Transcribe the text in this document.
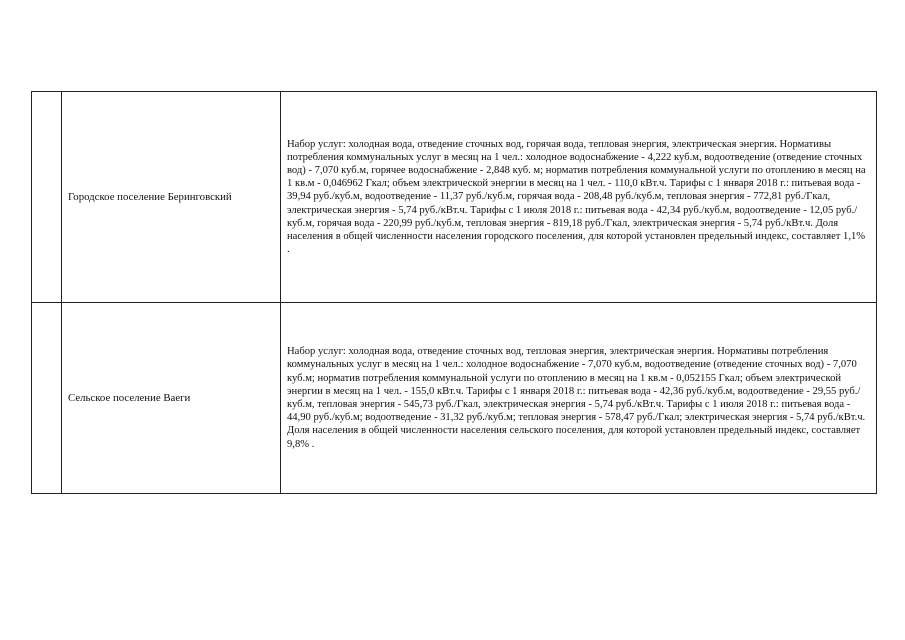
	Городское поселение Беринговский	Набор услуг: холодная вода, отведение сточных вод, горячая вода, тепловая энергия, электрическая энергия. Нормативы потребления коммунальных услуг в месяц на 1 чел.: холодное водоснабжение - 4,222 куб.м, водоотведение (отведение сточных вод) - 7,070 куб.м, горячее водоснабжение - 2,848 куб. м; норматив потребления коммунальной услуги по отоплению в месяц на 1 кв.м - 0,046962 Гкал; объем электрической энергии в месяц на 1 чел. - 110,0 кВт.ч. Тарифы с 1 января 2018 г.: питьевая вода - 39,94 руб./куб.м, водоотведение - 11,37 руб./куб.м, горячая вода - 208,48 руб./куб.м, тепловая энергия - 772,81 руб./Гкал, электрическая энергия - 5,74 руб./кВт.ч. Тарифы с 1 июля 2018 г.: питьевая вода - 42,34 руб./куб.м, водоотведение - 12,05 руб./куб.м, горячая вода - 220,99 руб./куб.м, тепловая энергия - 819,18 руб./Гкал, электрическая энергия - 5,74 руб./кВт.ч. Доля населения в общей численности населения городского поселения, для которой установлен предельный индекс, составляет 1,1% .
	Сельское поселение Ваеги	Набор услуг: холодная вода, отведение сточных вод, тепловая энергия, электрическая энергия. Нормативы потребления коммунальных услуг в месяц на 1 чел.: холодное водоснабжение - 7,070 куб.м, водоотведение (отведение сточных вод) - 7,070 куб.м; норматив потребления коммунальной услуги по отоплению в месяц на 1 кв.м - 0,052155 Гкал; объем электрической энергии в месяц на 1 чел. - 155,0 кВт.ч. Тарифы с 1 января 2018 г.: питьевая вода - 42,36 руб./куб.м, водоотведение - 29,55 руб./куб.м, тепловая энергия - 545,73 руб./Гкал, электрическая энергия - 5,74 руб./кВт.ч. Тарифы с 1 июля 2018 г.: питьевая вода - 44,90 руб./куб.м; водоотведение - 31,32 руб./куб.м; тепловая энергия - 578,47 руб./Гкал; электрическая энергия - 5,74 руб./кВт.ч. Доля населения в общей численности населения сельского поселения, для которой установлен предельный индекс, составляет 9,8% .
